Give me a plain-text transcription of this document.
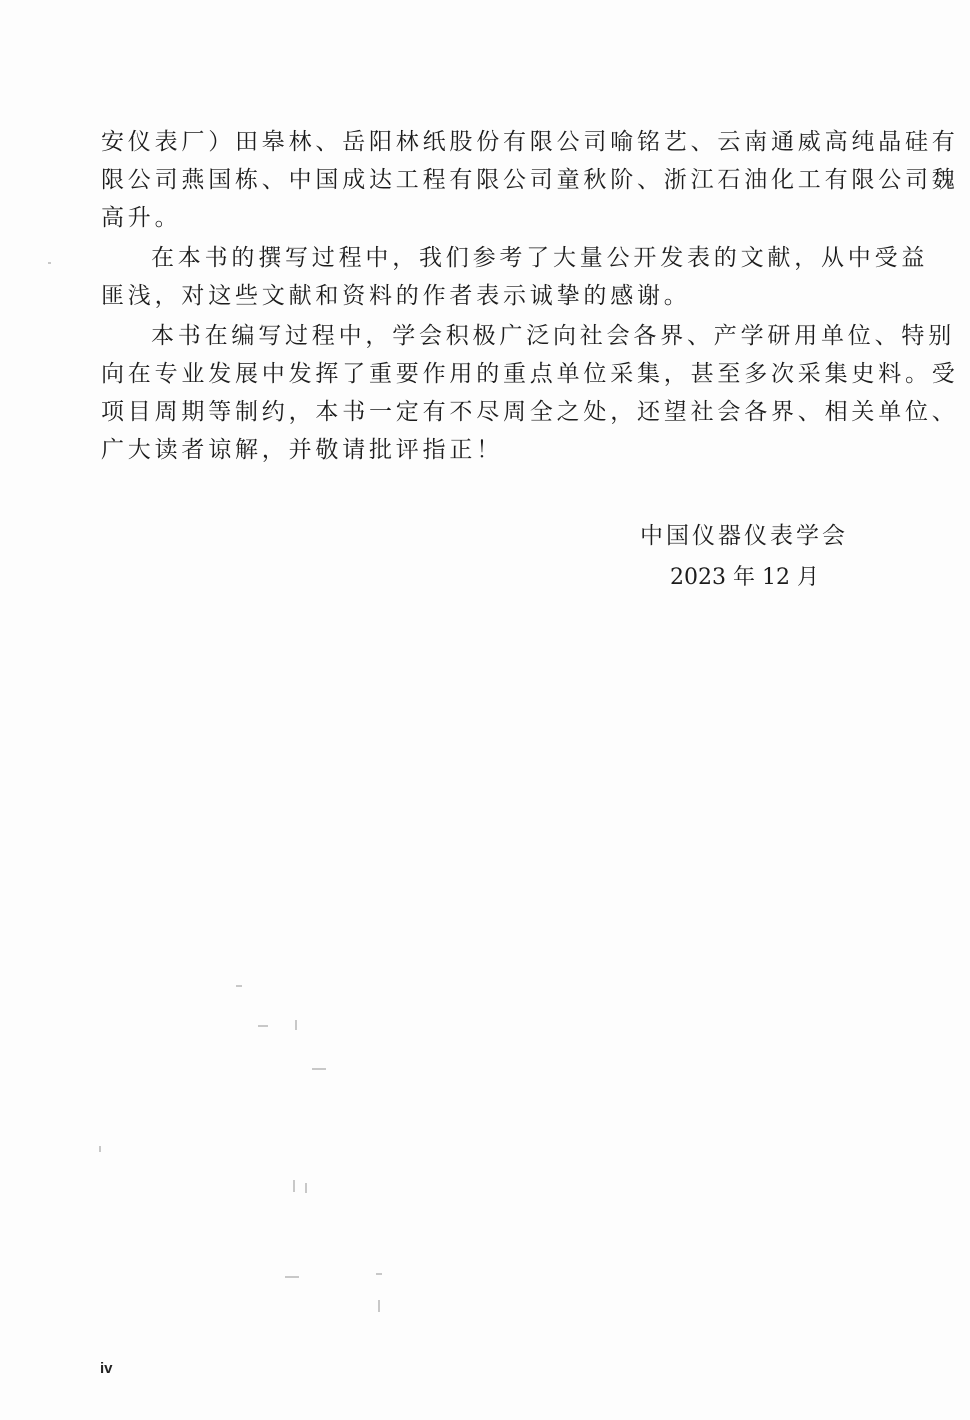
安仪表厂）田皋林、岳阳林纸股份有限公司喻铭艺、云南通威高纯晶硅有
限公司燕国栋、中国成达工程有限公司童秋阶、浙江石油化工有限公司魏
高升。
在本书的撰写过程中，我们参考了大量公开发表的文献，从中受益
匪浅，对这些文献和资料的作者表示诚挚的感谢。
本书在编写过程中，学会积极广泛向社会各界、产学研用单位、特别
向在专业发展中发挥了重要作用的重点单位采集，甚至多次采集史料。受
项目周期等制约，本书一定有不尽周全之处，还望社会各界、相关单位、
广大读者谅解，并敬请批评指正！
中国仪器仪表学会
2023 年 12 月
iv
